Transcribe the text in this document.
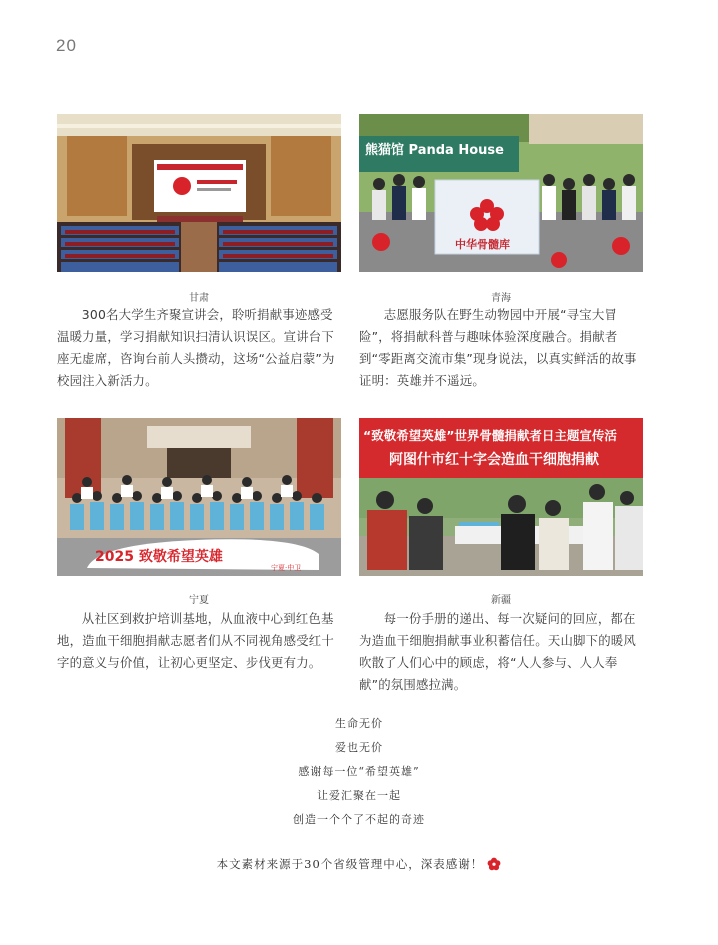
20
甘肃
300名大学生齐聚宣讲会，聆听捐献事迹感受温暖力量，学习捐献知识扫清认识误区。宣讲台下座无虚席，咨询台前人头攒动，这场“公益启蒙”为校园注入新活力。
熊猫馆 Panda House
中华骨髓库
青海
志愿服务队在野生动物园中开展“寻宝大冒险”，将捐献科普与趣味体验深度融合。捐献者到“零距离交流市集”现身说法，以真实鲜活的故事证明：英雄并不遥远。
2025 致敬希望英雄
宁夏·中卫
宁夏
从社区到救护培训基地，从血液中心到红色基地，造血干细胞捐献志愿者们从不同视角感受红十字的意义与价值，让初心更坚定、步伐更有力。
“致敬希望英雄”世界骨髓捐献者日主题宣传活
阿图什市红十字会造血干细胞捐献
新疆
每一份手册的递出、每一次疑问的回应，都在为造血干细胞捐献事业积蓄信任。天山脚下的暖风吹散了人们心中的顾虑，将“人人参与、人人奉献”的氛围感拉满。
生命无价
爱也无价
感谢每一位“希望英雄”
让爱汇聚在一起
创造一个个了不起的奇迹
本文素材来源于30个省级管理中心，深表感谢！
